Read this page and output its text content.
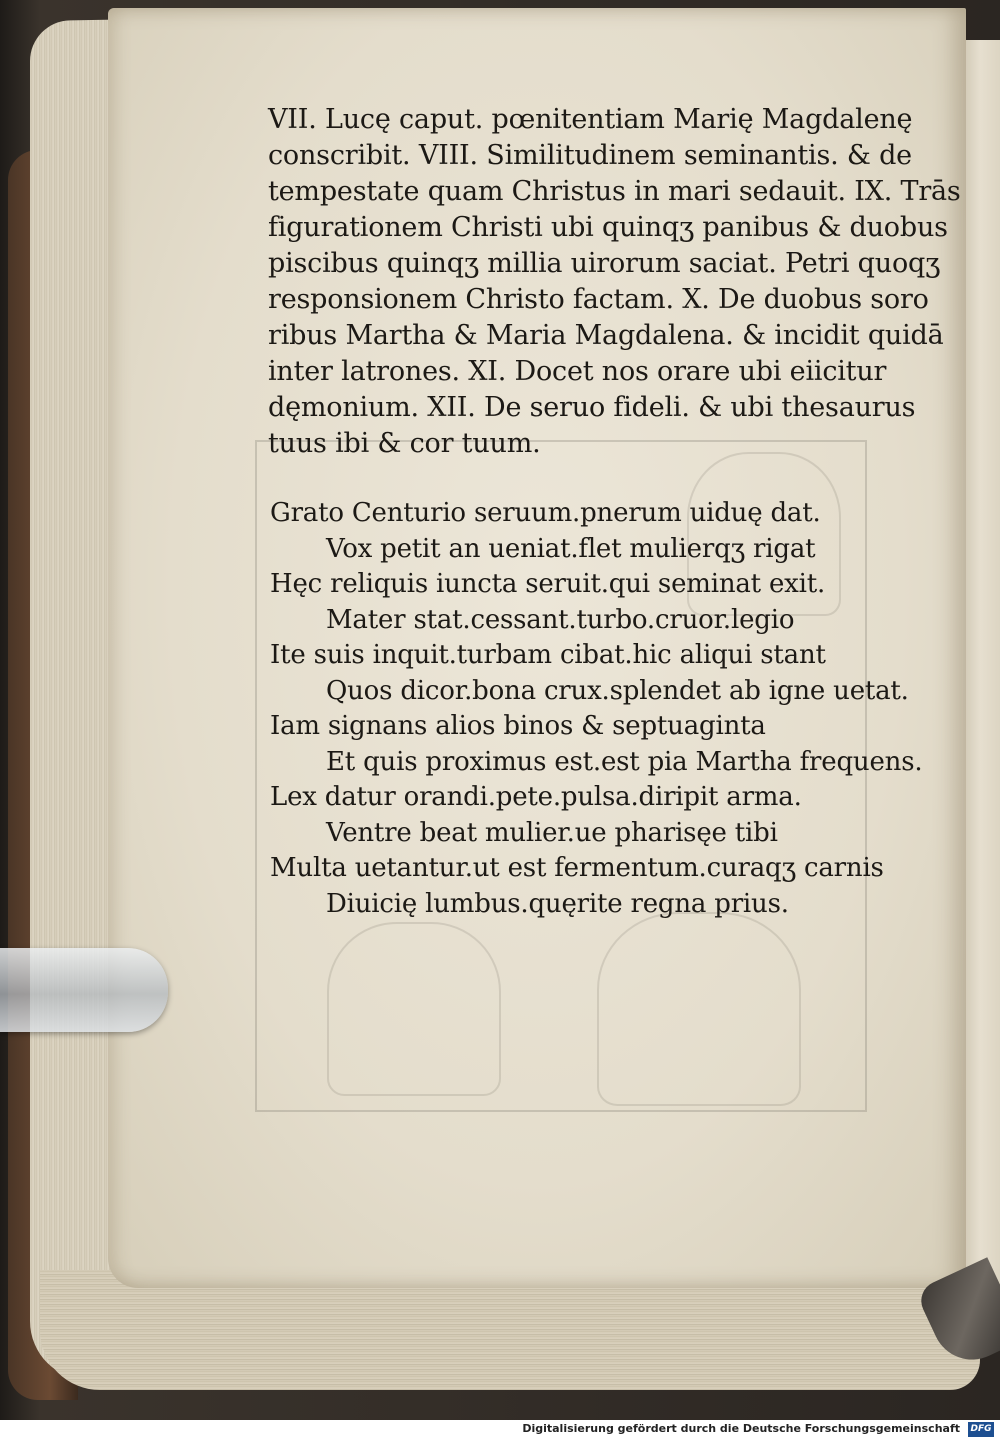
VII. Lucę caput. pœnitentiam Marię Magdalenę
conscribit. VIII. Similitudinem seminantis. & de
tempestate quam Christus in mari sedauit. IX. Trās
figurationem Christi ubi quinqʒ panibus & duobus
piscibus quinqʒ millia uirorum saciat. Petri quoqʒ
responsionem Christo factam. X. De duobus soro
ribus Martha & Maria Magdalena. & incidit quidā
inter latrones. XI. Docet nos orare ubi eiicitur
dęmonium. XII. De seruo fideli. & ubi thesaurus
tuus ibi & cor tuum.
Grato Centurio seruum.pnerum uiduę dat.
Vox petit an ueniat.flet mulierqʒ rigat
Hęc reliquis iuncta seruit.qui seminat exit.
Mater stat.cessant.turbo.cruor.legio
Ite suis inquit.turbam cibat.hic aliqui stant
Quos dicor.bona crux.splendet ab igne uetat.
Iam signans alios binos & septuaginta
Et quis proximus est.est pia Martha frequens.
Lex datur orandi.pete.pulsa.diripit arma.
Ventre beat mulier.ue pharisęe tibi
Multa uetantur.ut est fermentum.curaqʒ carnis
Diuicię lumbus.quęrite regna prius.
Digitalisierung gefördert durch die Deutsche Forschungsgemeinschaft DFG
